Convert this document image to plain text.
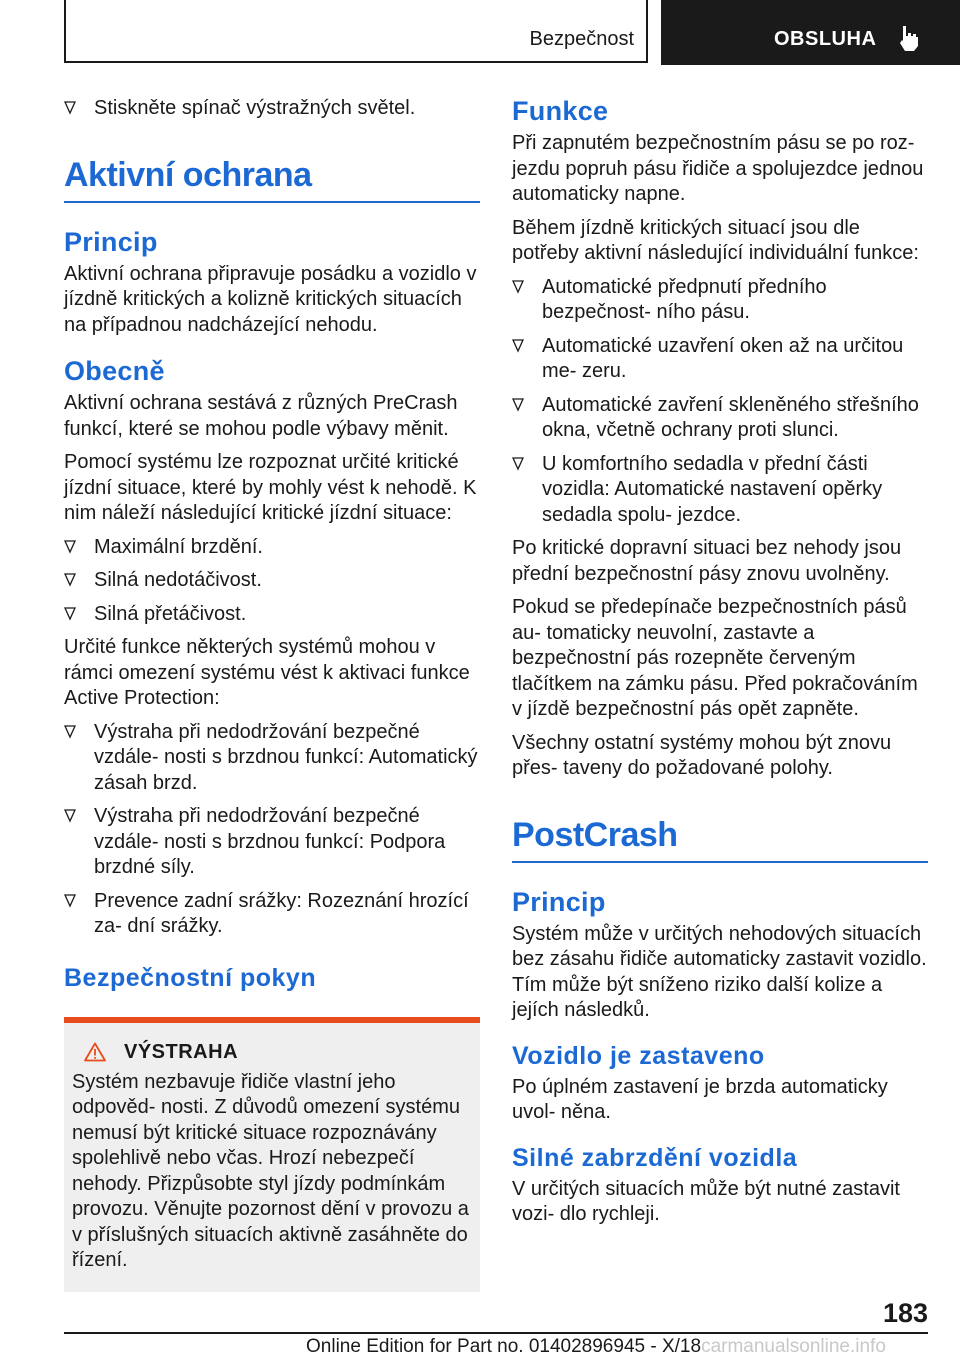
Bezpečnost	OBSLUHA
Stiskněte spínač výstražných světel.
Aktivní ochrana
Princip

Aktivní ochrana připravuje posádku a vozidlo v jízdně kritických a kolizně kritických situacích na případnou nadcházející nehodu.

Obecně

Aktivní ochrana sestává z různých PreCrash funkcí, které se mohou podle výbavy měnit.

Pomocí systému lze rozpoznat určité kritické jízdní situace, které by mohly vést k nehodě. K nim náleží následující kritické jízdní situace:

Maximální brzdění.
Silná nedotáčivost.
Silná přetáčivost.

Určité funkce některých systémů mohou v rámci omezení systému vést k aktivaci funkce Active Protection:

Výstraha při nedodržování bezpečné vzdále‐ nosti s brzdnou funkcí: Automatický zásah brzd.
Výstraha při nedodržování bezpečné vzdále‐ nosti s brzdnou funkcí: Podpora brzdné síly.
Prevence zadní srážky: Rozeznání hrozící za‐ dní srážky.
Bezpečnostní pokyn
VÝSTRAHA

Systém nezbavuje řidiče vlastní jeho odpověd‐ nosti. Z důvodů omezení systému nemusí být kritické situace rozpoznávány spolehlivě nebo včas. Hrozí nebezpečí nehody. Přizpůsobte styl jízdy podmínkám provozu. Věnujte pozornost dění v provozu a v příslušných situacích aktivně zasáhněte do řízení.

Funkce

Při zapnutém bezpečnostním pásu se po roz‐ jezdu popruh pásu řidiče a spolujezdce jednou automaticky napne.

Během jízdně kritických situací jsou dle potřeby aktivní následující individuální funkce:

Automatické předpnutí předního bezpečnost‐ ního pásu.
Automatické uzavření oken až na určitou me‐ zeru.
Automatické zavření skleněného střešního okna, včetně ochrany proti slunci.
U komfortního sedadla v přední části vozidla: Automatické nastavení opěrky sedadla spolu‐ jezdce.

Po kritické dopravní situaci bez nehody jsou přední bezpečnostní pásy znovu uvolněny.

Pokud se předepínače bezpečnostních pásů au‐ tomaticky neuvolní, zastavte a bezpečnostní pás rozepněte červeným tlačítkem na zámku pásu. Před pokračováním v jízdě bezpečnostní pás opět zapněte.

Všechny ostatní systémy mohou být znovu přes‐ taveny do požadované polohy.

PostCrash
Princip

Systém může v určitých nehodových situacích bez zásahu řidiče automaticky zastavit vozidlo. Tím může být sníženo riziko další kolize a jejích následků.

Vozidlo je zastaveno

Po úplném zastavení je brzda automaticky uvol‐ něna.

Silné zabrzdění vozidla

V určitých situacích může být nutné zastavit vozi‐ dlo rychleji.

183
Online Edition for Part no. 01402896945 - X/18carmanualsonline.info
